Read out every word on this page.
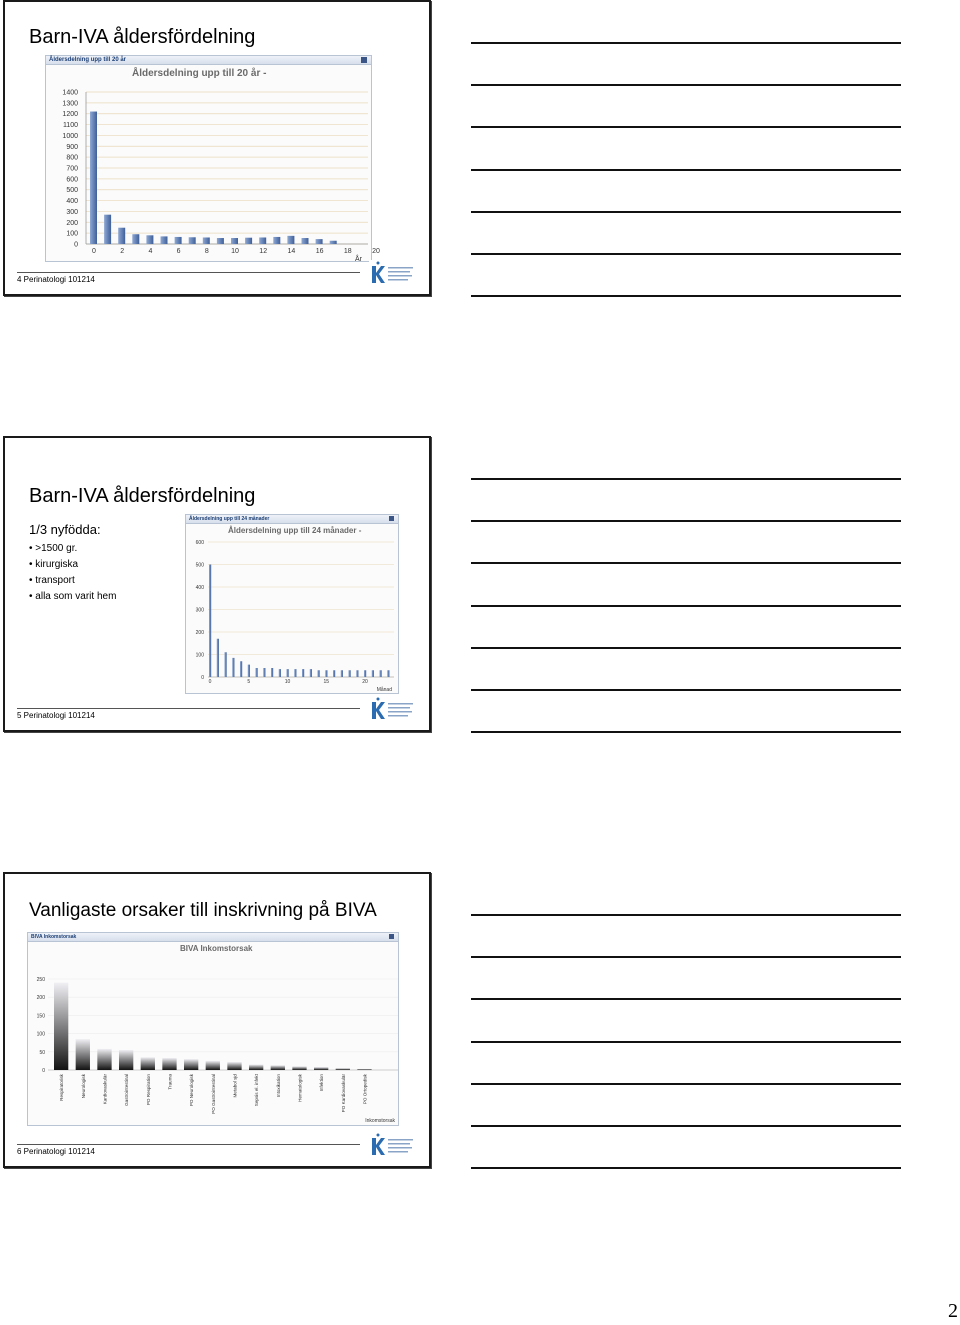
Barn-IVA åldersfördelning
Åldersdelning upp till 20 år
Åldersdelning upp till 20 år -
0
100
200
300
400
500
600
700
800
900
1000
1100
1200
1300
1400
0	2	4	6	8	10	12	14	16	18	20
År
4 Perinatologi 101214
Barn-IVA åldersfördelning
1/3 nyfödda:
• >1500 gr.
• kirurgiska
• transport
• alla som varit hem
Åldersdelning upp till 24 månader
Åldersdelning upp till 24 månader -
0
100
200
300
400
500
600
0	5	10	15	20
Månad
5 Perinatologi 101214
Vanligaste orsaker till inskrivning på BIVA
BIVA Inkomstorsak
BIVA Inkomstorsak
0
50
100
150
200
250
Respiratorisk	Neurologisk	Kardiovaskulär	Gastrointestinal	PO Respiration	Trauma	PO Neurologisk	PO Gastrointestinal	Metabol sjd	Sepsis el. infekt	Intoxikation	Hematologisk	Infektion	PO Kardiovaskulär	PO Ortopedisk
Inkomstorsak
6 Perinatologi 101214
2
